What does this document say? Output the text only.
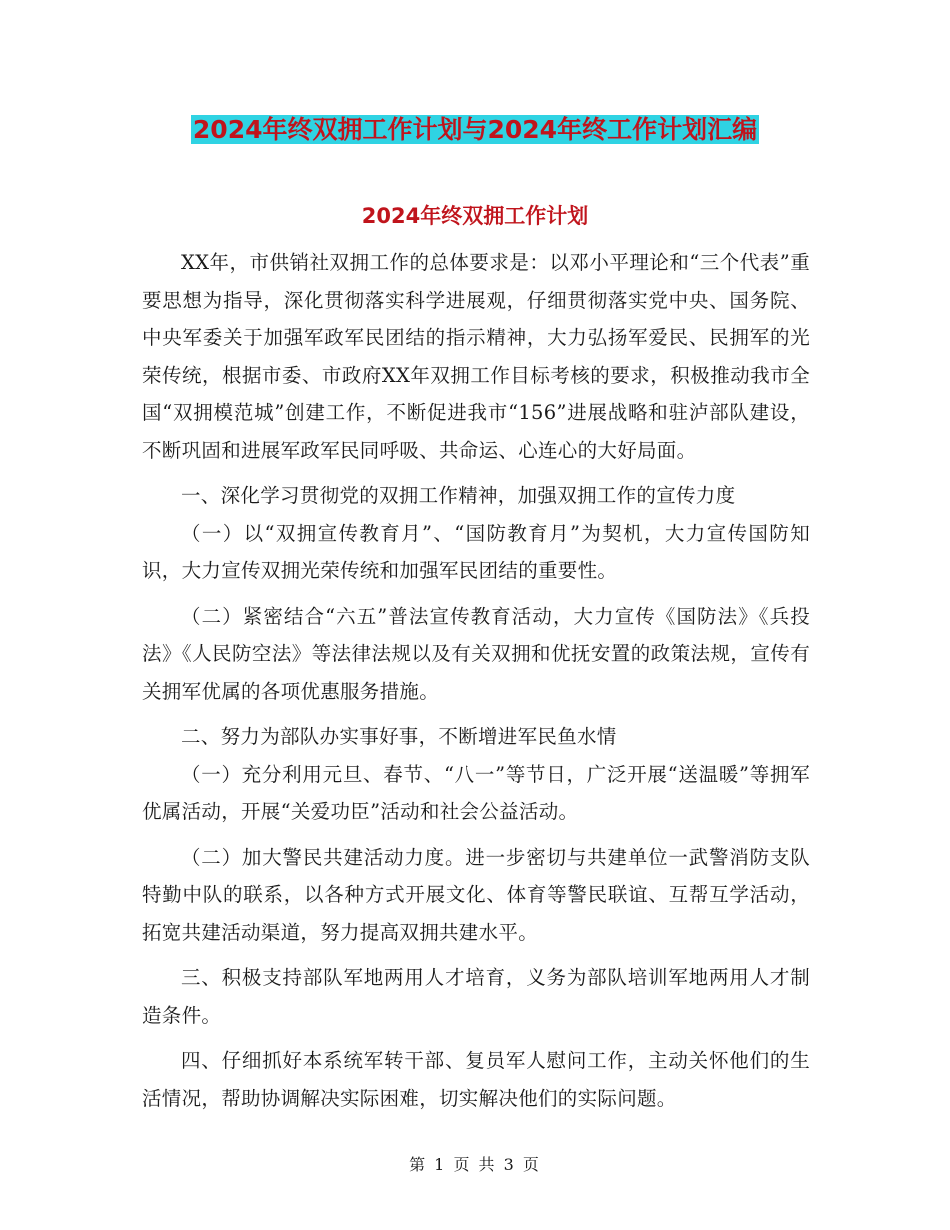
2024年终双拥工作计划与2024年终工作计划汇编
2024年终双拥工作计划

XX年，市供销社双拥工作的总体要求是：以邓小平理论和“三个代表”重要思想为指导，深化贯彻落实科学进展观，仔细贯彻落实党中央、国务院、中央军委关于加强军政军民团结的指示精神，大力弘扬军爱民、民拥军的光荣传统，根据市委、市政府XX年双拥工作目标考核的要求，积极推动我市全国“双拥模范城”创建工作，不断促进我市“156”进展战略和驻泸部队建设，不断巩固和进展军政军民同呼吸、共命运、心连心的大好局面。

一、深化学习贯彻党的双拥工作精神，加强双拥工作的宣传力度

（一）以“双拥宣传教育月”、“国防教育月”为契机，大力宣传国防知识，大力宣传双拥光荣传统和加强军民团结的重要性。

（二）紧密结合“六五”普法宣传教育活动，大力宣传《国防法》《兵投法》《人民防空法》等法律法规以及有关双拥和优抚安置的政策法规，宣传有关拥军优属的各项优惠服务措施。

二、努力为部队办实事好事，不断增进军民鱼水情

（一）充分利用元旦、春节、“八一”等节日，广泛开展“送温暖”等拥军优属活动，开展“关爱功臣”活动和社会公益活动。

（二）加大警民共建活动力度。进一步密切与共建单位一武警消防支队特勤中队的联系，以各种方式开展文化、体育等警民联谊、互帮互学活动，拓宽共建活动渠道，努力提高双拥共建水平。

三、积极支持部队军地两用人才培育，义务为部队培训军地两用人才制造条件。

四、仔细抓好本系统军转干部、复员军人慰问工作，主动关怀他们的生活情况，帮助协调解决实际困难，切实解决他们的实际问题。

第 1 页 共 3 页
